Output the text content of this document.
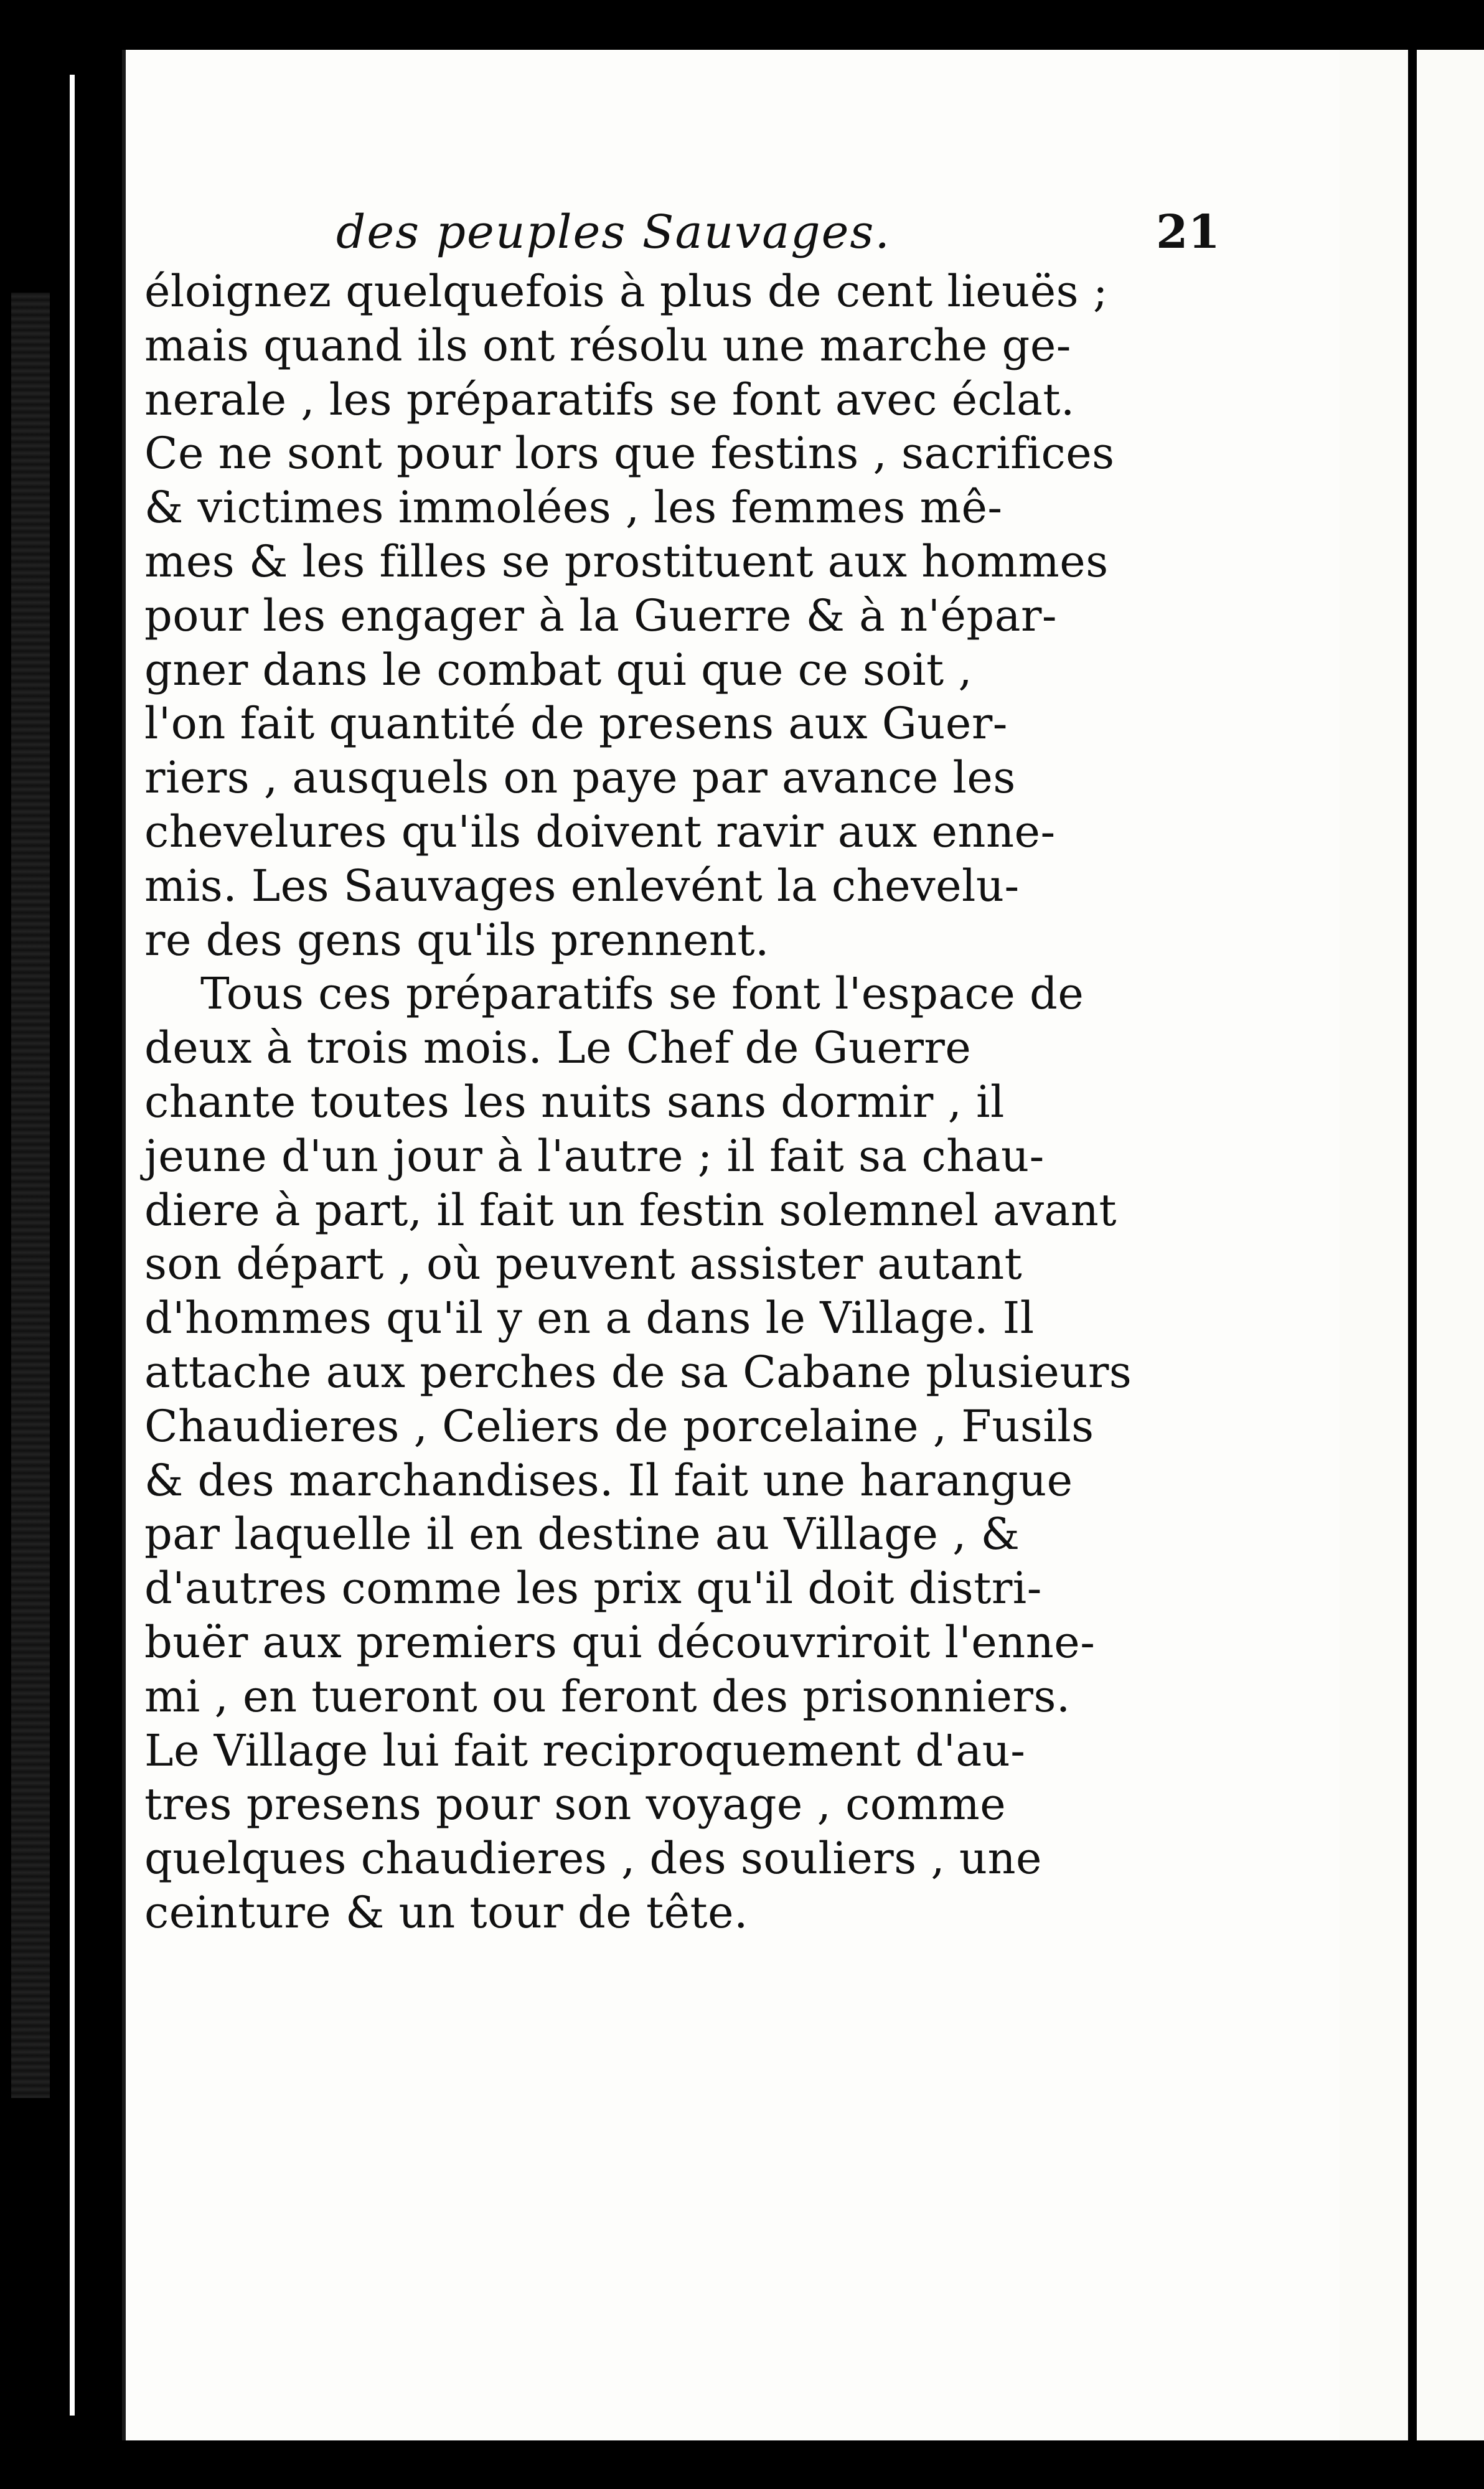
des peuples Sauvages.	21
éloignez quelquefois à plus de cent lieuës ;
mais quand ils ont résolu une marche ge-
nerale , les préparatifs se font avec éclat.
Ce ne sont pour lors que festins , sacrifices
& victimes immolées , les femmes mê-
mes & les filles se prostituent aux hommes
pour les engager à la Guerre & à n'épar-
gner dans le combat qui que ce soit ,
l'on fait quantité de presens aux Guer-
riers , ausquels on paye par avance les
chevelures qu'ils doivent ravir aux enne-
mis. Les Sauvages enlevént la chevelu-
re des gens qu'ils prennent.
Tous ces préparatifs se font l'espace de
deux à trois mois. Le Chef de Guerre
chante toutes les nuits sans dormir , il
jeune d'un jour à l'autre ; il fait sa chau-
diere à part, il fait un festin solemnel avant
son départ , où peuvent assister autant
d'hommes qu'il y en a dans le Village. Il
attache aux perches de sa Cabane plusieurs
Chaudieres , Celiers de porcelaine , Fusils
& des marchandises. Il fait une harangue
par laquelle il en destine au Village , &
d'autres comme les prix qu'il doit distri-
buër aux premiers qui découvriroit l'enne-
mi , en tueront ou feront des prisonniers.
Le Village lui fait reciproquement d'au-
tres presens pour son voyage , comme
quelques chaudieres , des souliers , une
ceinture & un tour de tête.
